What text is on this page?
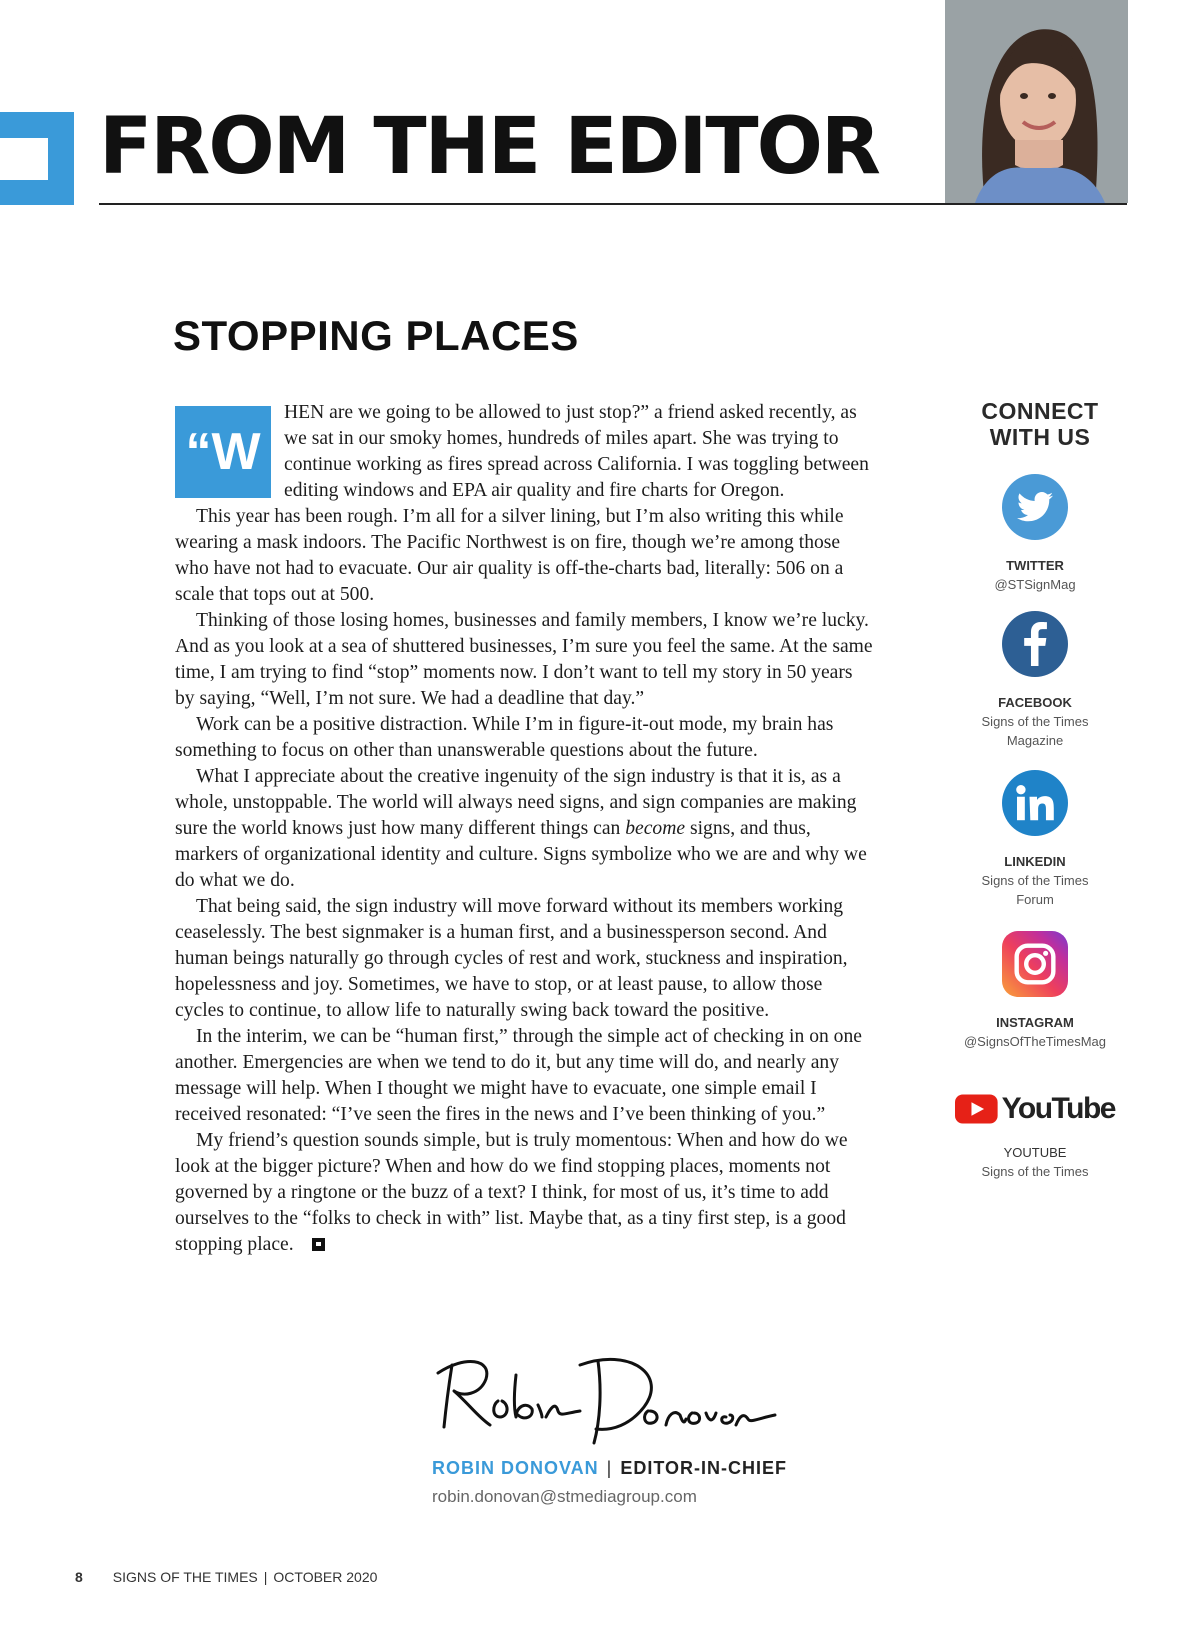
FROM THE EDITOR
STOPPING PLACES

“W
HEN are we going to be allowed to just stop?” a friend asked recently, as we sat in our smoky homes, hundreds of miles apart. She was trying to continue working as fires spread across California. I was toggling between editing windows and EPA air quality and fire charts for Oregon.

This year has been rough. I’m all for a silver lining, but I’m also writing this while wearing a mask indoors. The Pacific Northwest is on fire, though we’re among those who have not had to evacuate. Our air quality is off-the-charts bad, literally: 506 on a scale that tops out at 500.

Thinking of those losing homes, businesses and family members, I know we’re lucky. And as you look at a sea of shuttered businesses, I’m sure you feel the same. At the same time, I am trying to find “stop” moments now. I don’t want to tell my story in 50 years by saying, “Well, I’m not sure. We had a deadline that day.”

Work can be a positive distraction. While I’m in figure-it-out mode, my brain has something to focus on other than unanswerable questions about the future.

What I appreciate about the creative ingenuity of the sign industry is that it is, as a whole, unstoppable. The world will always need signs, and sign companies are making sure the world knows just how many different things can become signs, and thus, markers of organizational identity and culture. Signs symbolize who we are and why we do what we do.

That being said, the sign industry will move forward without its members working ceaselessly. The best signmaker is a human first, and a businessperson second. And human beings naturally go through cycles of rest and work, stuckness and inspiration, hopelessness and joy. Sometimes, we have to stop, or at least pause, to allow those cycles to continue, to allow life to naturally swing back toward the positive.

In the interim, we can be “human first,” through the simple act of checking in on one another. Emergencies are when we tend to do it, but any time will do, and nearly any message will help. When I thought we might have to evacuate, one simple email I received resonated: “I’ve seen the fires in the news and I’ve been thinking of you.”

My friend’s question sounds simple, but is truly momentous: When and how do we look at the bigger picture? When and how do we find stopping places, moments not governed by a ringtone or the buzz of a text? I think, for most of us, it’s time to add ourselves to the “folks to check in with” list. Maybe that, as a tiny first step, is a good stopping place.

CONNECT
WITH US
TWITTER
@STSignMag
FACEBOOK
Signs of the Times
Magazine
LINKEDIN
Signs of the Times
Forum
INSTAGRAM
@SignsOfTheTimesMag
YouTube
YOUTUBE
Signs of the Times
ROBIN DONOVAN | EDITOR-IN-CHIEF
robin.donovan@stmediagroup.com
8 SIGNS OF THE TIMES | OCTOBER 2020
